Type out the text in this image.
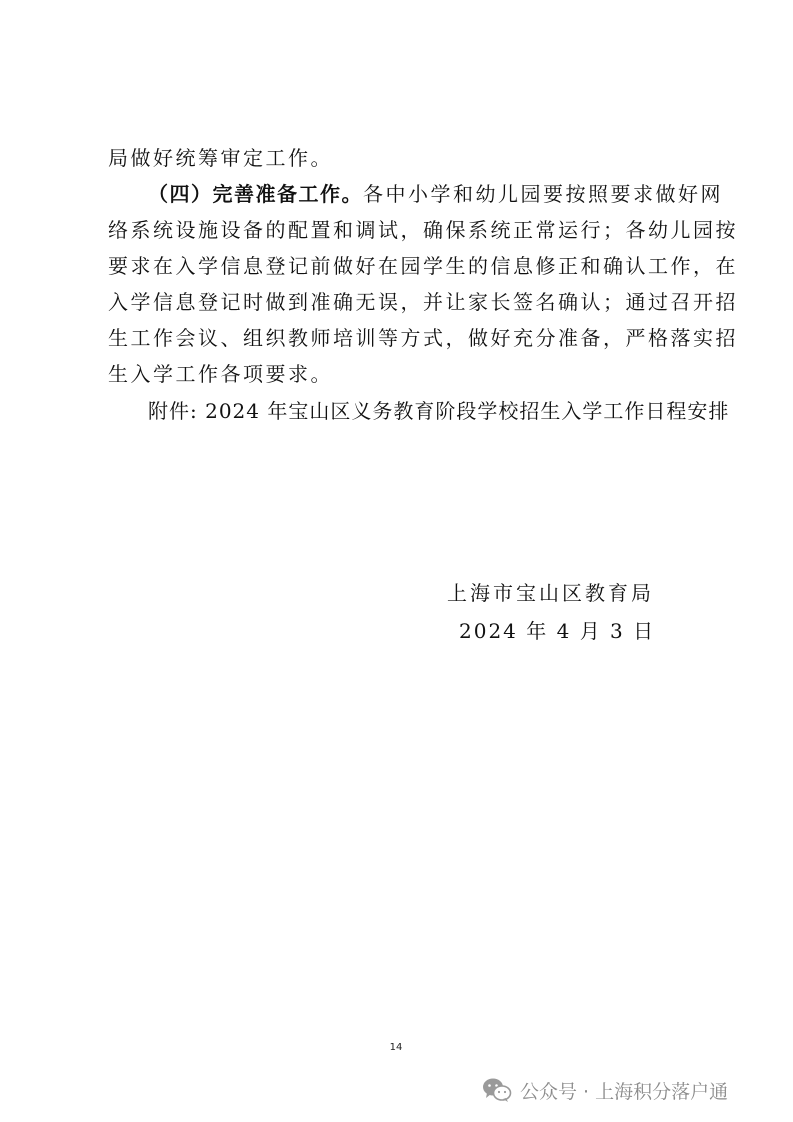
局做好统筹审定工作。
（四）完善准备工作。各中小学和幼儿园要按照要求做好网
络系统设施设备的配置和调试，确保系统正常运行；各幼儿园按
要求在入学信息登记前做好在园学生的信息修正和确认工作，在
入学信息登记时做到准确无误，并让家长签名确认；通过召开招
生工作会议、组织教师培训等方式，做好充分准备，严格落实招
生入学工作各项要求。
附件: 2024 年宝山区义务教育阶段学校招生入学工作日程安排
上海市宝山区教育局
2024 年 4 月 3 日
14
公众号 · 上海积分落户通
